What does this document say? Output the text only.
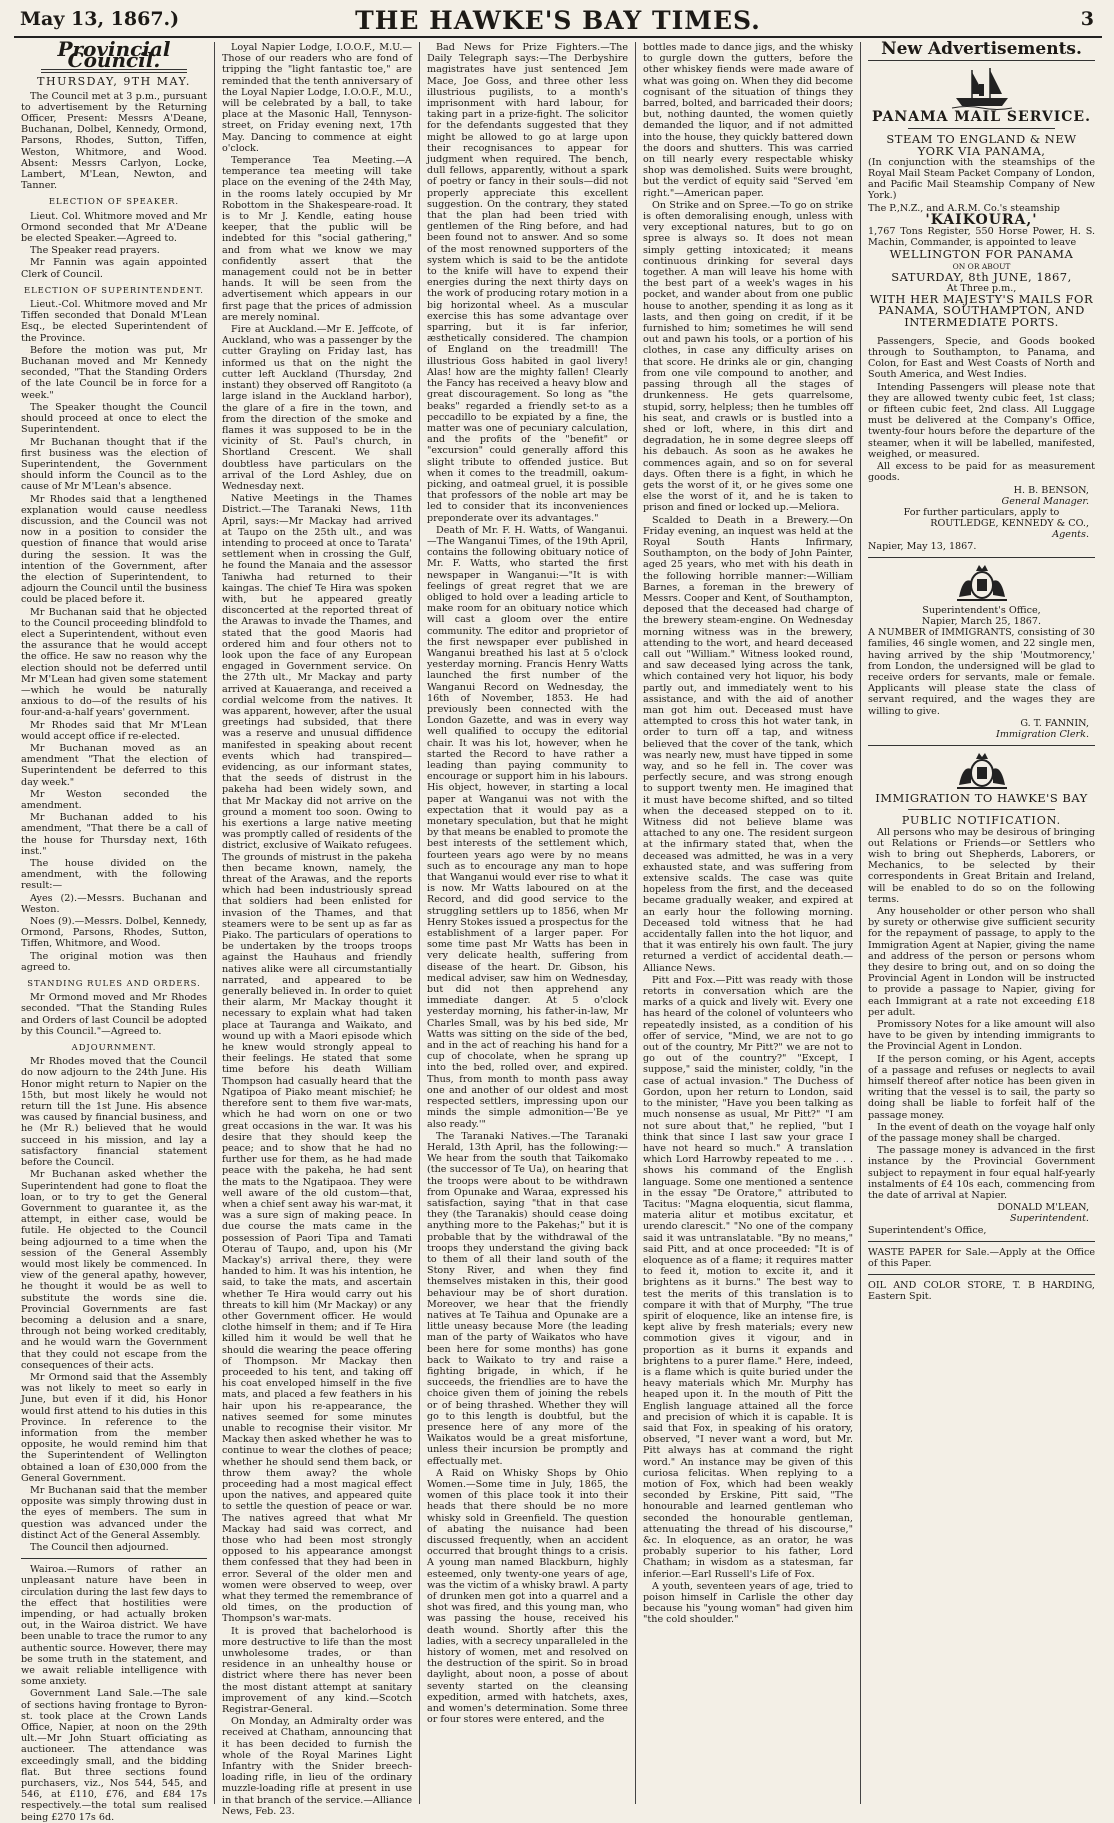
May 13, 1867.)	THE HAWKE'S BAY TIMES.	3
Provincial Council.
THURSDAY, 9TH MAY.

The Council met at 3 p.m., pursuant to advertisement by the Returning Officer, Present: Messrs A'Deane, Buchanan, Dolbel, Kennedy, Ormond, Parsons, Rhodes, Sutton, Tiffen, Weston, Whitmore, and Wood. Absent: Messrs Carlyon, Locke, Lambert, M'Lean, Newton, and Tanner.

ELECTION OF SPEAKER.

Lieut. Col. Whitmore moved and Mr Ormond seconded that Mr A'Deane be elected Speaker.—Agreed to.

The Speaker read prayers.

Mr Fannin was again appointed Clerk of Council.

ELECTION OF SUPERINTENDENT.

Lieut.-Col. Whitmore moved and Mr Tiffen seconded that Donald M'Lean Esq., be elected Superintendent of the Province.

Before the motion was put, Mr Buchanan moved and Mr Kennedy seconded, "That the Standing Orders of the late Council be in force for a week."

The Speaker thought the Council should proceed at once to elect the Superintendent.

Mr Buchanan thought that if the first business was the election of Superintendent, the Government should inform the Council as to the cause of Mr M'Lean's absence.

Mr Rhodes said that a lengthened explanation would cause needless discussion, and the Council was not now in a position to consider the question of finance that would arise during the session. It was the intention of the Government, after the election of Superintendent, to adjourn the Council until the business could be placed before it.

Mr Buchanan said that he objected to the Council proceeding blindfold to elect a Superintendent, without even the assurance that he would accept the office. He saw no reason why the election should not be deferred until Mr M'Lean had given some statement—which he would be naturally anxious to do—of the results of his four-and-a-half years' government.

Mr Rhodes said that Mr M'Lean would accept office if re-elected.

Mr Buchanan moved as an amendment "That the election of Superintendent be deferred to this day week."

Mr Weston seconded the amendment.

Mr Buchanan added to his amendment, "That there be a call of the house for Thursday next, 16th inst."

The house divided on the amendment, with the following result:—

Ayes (2).—Messrs. Buchanan and Weston.

Noes (9).—Messrs. Dolbel, Kennedy, Ormond, Parsons, Rhodes, Sutton, Tiffen, Whitmore, and Wood.

The original motion was then agreed to.

STANDING RULES AND ORDERS.

Mr Ormond moved and Mr Rhodes seconded. "That the Standing Rules and Orders of last Council be adopted by this Council."—Agreed to.

ADJOURNMENT.

Mr Rhodes moved that the Council do now adjourn to the 24th June. His Honor might return to Napier on the 15th, but most likely he would not return till the 1st June. His absence was caused by financial business, and he (Mr R.) believed that he would succeed in his mission, and lay a satisfactory financial statement before the Council.

Mr Buchanan asked whether the Superintendent had gone to float the loan, or to try to get the General Government to guarantee it, as the attempt, in either case, would be futile. He objected to the Council being adjourned to a time when the session of the General Assembly would most likely be commenced. In view of the general apathy, however, he thought it would be as well to substitute the words sine die. Provincial Governments are fast becoming a delusion and a snare, through not being worked creditably, and he would warn the Government that they could not escape from the consequences of their acts.

Mr Ormond said that the Assembly was not likely to meet so early in June, but even if it did, his Honor would first attend to his duties in this Province. In reference to the information from the member opposite, he would remind him that the Superintendent of Wellington obtained a loan of £30,000 from the General Government.

Mr Buchanan said that the member opposite was simply throwing dust in the eyes of members. The sum in question was advanced under the distinct Act of the General Assembly.

The Council then adjourned.

Wairoa.—Rumors of rather an unpleasant nature have been in circulation during the last few days to the effect that hostilities were impending, or had actually broken out, in the Wairoa district. We have been unable to trace the rumor to any authentic source. However, there may be some truth in the statement, and we await reliable intelligence with some anxiety.

Government Land Sale.—The sale of sections having frontage to Byron-st. took place at the Crown Lands Office, Napier, at noon on the 29th ult.—Mr John Stuart officiating as auctioneer. The attendance was exceedingly small, and the bidding flat. But three sections found purchasers, viz., Nos 544, 545, and 546, at £110, £76, and £84 17s respectively.—the total sum realised being £270 17s 6d.

Loyal Napier Lodge, I.O.O.F., M.U.—Those of our readers who are fond of tripping the "light fantastic toe," are reminded that the tenth anniversary of the Loyal Napier Lodge, I.O.O.F., M.U., will be celebrated by a ball, to take place at the Masonic Hall, Tennyson-street, on Friday evening next, 17th May. Dancing to commence at eight o'clock.

Temperance Tea Meeting.—A temperance tea meeting will take place on the evening of the 24th May, in the rooms lately occupied by Mr Robottom in the Shakespeare-road. It is to Mr J. Kendle, eating house keeper, that the public will be indebted for this "social gathering," and from what we know we may confidently assert that the management could not be in better hands. It will be seen from the advertisement which appears in our first page that the prices of admission are merely nominal.

Fire at Auckland.—Mr E. Jeffcote, of Auckland, who was a passenger by the cutter Grayling on Friday last, has informed us that on the night the cutter left Auckland (Thursday, 2nd instant) they observed off Rangitoto (a large island in the Auckland harbor), the glare of a fire in the town, and from the direction of the smoke and flames it was supposed to be in the vicinity of St. Paul's church, in Shortland Crescent. We shall doubtless have particulars on the arrival of the Lord Ashley, due on Wednesday next.

Native Meetings in the Thames District.—The Taranaki News, 11th April, says:—Mr Mackay had arrived at Taupo on the 25th ult., and was intending to proceed at once to Tarata' settlement when in crossing the Gulf, he found the Manaia and the assessor Taniwha had returned to their kaingas. The chief Te Hira was spoken with, but he appeared greatly disconcerted at the reported threat of the Arawas to invade the Thames, and stated that the good Maoris had ordered him and four others not to look upon the face of any European engaged in Government service. On the 27th ult., Mr Mackay and party arrived at Kauaeranga, and received a cordial welcome from the natives. It was apparent, however, after the usual greetings had subsided, that there was a reserve and unusual diffidence manifested in speaking about recent events which had transpired—evidencing, as our informant states, that the seeds of distrust in the pakeha had been widely sown, and that Mr Mackay did not arrive on the ground a moment too soon. Owing to his exertions a large native meeting was promptly called of residents of the district, exclusive of Waikato refugees. The grounds of mistrust in the pakeha then became known, namely, the threat of the Arawas, and the reports which had been industriously spread that soldiers had been enlisted for invasion of the Thames, and that steamers were to be sent up as far as Piako. The particulars of operations to be undertaken by the troops troops against the Hauhaus and friendly natives alike were all circumstantially narrated, and appeared to be generally believed in. In order to quiet their alarm, Mr Mackay thought it necessary to explain what had taken place at Tauranga and Waikato, and wound up with a Maori episode which he knew would strongly appeal to their feelings. He stated that some time before his death William Thompson had casually heard that the Ngatipoa of Piako meant mischief; he therefore sent to them five war-mats, which he had worn on one or two great occasions in the war. It was his desire that they should keep the peace; and to show that he had no further use for them, as he had made peace with the pakeha, he had sent the mats to the Ngatipaoa. They were well aware of the old custom—that, when a chief sent away his war-mat, it was a sure sign of making peace. In due course the mats came in the possession of Paori Tipa and Tamati Oterau of Taupo, and, upon his (Mr Mackay's) arrival there, they were handed to him. It was his intention, he said, to take the mats, and ascertain whether Te Hira would carry out his threats to kill him (Mr Mackay) or any other Government officer. He would clothe himself in them; and if Te Hira killed him it would be well that he should die wearing the peace offering of Thompson. Mr Mackay then proceeded to his tent, and taking off his coat enveloped himself in the five mats, and placed a few feathers in his hair upon his re-appearance, the natives seemed for some minutes unable to recognise their visitor. Mr Mackay then asked whether he was to continue to wear the clothes of peace; whether he should send them back, or throw them away? the whole proceeding had a most magical effect upon the natives, and appeared quite to settle the question of peace or war. The natives agreed that what Mr Mackay had said was correct, and those who had been most strongly opposed to his appearance amongst them confessed that they had been in error. Several of the older men and women were observed to weep, over what they termed the remembrance of old times, on the production of Thompson's war-mats.

It is proved that bachelorhood is more destructive to life than the most unwholesome trades, or than residence in an unhealthy house or district where there has never been the most distant attempt at sanitary improvement of any kind.—Scotch Registrar-General.

On Monday, an Admiralty order was received at Chatham, announcing that it has been decided to furnish the whole of the Royal Marines Light Infantry with the Snider breech-loading rifle, in lieu of the ordinary muzzle-loading rifle at present in use in that branch of the service.—Alliance News, Feb. 23.

Bad News for Prize Fighters.—The Daily Telegraph says:—The Derbyshire magistrates have just sentenced Jem Mace, Joe Goss, and three other less illustrious pugilists, to a month's imprisonment with hard labour, for taking part in a prize-fight. The solicitor for the defendants suggested that they might be allowed to go at large upon their recognisances to appear for judgment when required. The bench, dull fellows, apparently, without a spark of poetry or fancy in their souls—did not properly appreciate this excellent suggestion. On the contrary, they stated that the plan had been tried with gentlemen of the Ring before, and had been found not to answer. And so some of the most renowned supporters of the system which is said to be the antidote to the knife will have to expend their energies during the next thirty days on the work of producing rotary motion in a big horizontal wheel. As a muscular exercise this has some advantage over sparring, but it is far inferior, æsthetically considered. The champion of England on the treadmill! The illustrious Goss habited in gaol livery! Alas! how are the mighty fallen! Clearly the Fancy has received a heavy blow and great discouragement. So long as "the beaks" regarded a friendly set-to as a peccadillo to be expiated by a fine, the matter was one of pecuniary calculation, and the profits of the "benefit" or "excursion" could generally afford this slight tribute to offended justice. But when it comes to the treadmill, oakum-picking, and oatmeal gruel, it is possible that professors of the noble art may be led to consider that its inconveniences preponderate over its advantages."

Death of Mr. F. H. Watts, of Wanganui.—The Wanganui Times, of the 19th April, contains the following obituary notice of Mr. F. Watts, who started the first newspaper in Wanganui:—"It is with feelings of great regret that we are obliged to hold over a leading article to make room for an obituary notice which will cast a gloom over the entire community. The editor and proprietor of the first newspaper ever published in Wanganui breathed his last at 5 o'clock yesterday morning. Francis Henry Watts launched the first number of the Wanganui Record on Wednesday, the 16th of November, 1853. He had previously been connected with the London Gazette, and was in every way well qualified to occupy the editorial chair. It was his lot, however, when he started the Record to have rather a leading than paying community to encourage or support him in his labours. His object, however, in starting a local paper at Wanganui was not with the expectation that it would pay as a monetary speculation, but that he might by that means be enabled to promote the best interests of the settlement which, fourteen years ago were by no means such as to encourage any man to hope that Wanganui would ever rise to what it is now. Mr Watts laboured on at the Record, and did good service to the struggling settlers up to 1856, when Mr Henry Stokes issued a prospectus for the establishment of a larger paper. For some time past Mr Watts has been in very delicate health, suffering from disease of the heart. Dr. Gibson, his medical adviser, saw him on Wednesday, but did not then apprehend any immediate danger. At 5 o'clock yesterday morning, his father-in-law, Mr Charles Small, was by his bed side, Mr Watts was sitting on the side of the bed, and in the act of reaching his hand for a cup of chocolate, when he sprang up into the bed, rolled over, and expired. Thus, from month to month pass away one and another of our oldest and most respected settlers, impressing upon our minds the simple admonition—'Be ye also ready.'"

The Taranaki Natives.—The Taranaki Herald, 13th April, has the following:—We hear from the south that Taikomako (the successor of Te Ua), on hearing that the troops were about to be withdrawn from Opunake and Waraa, expressed his satisfaction, saying "that in that case they (the Taranakis) should cease doing anything more to the Pakehas;" but it is probable that by the withdrawal of the troops they understand the giving back to them of all their land south of the Stony River, and when they find themselves mistaken in this, their good behaviour may be of short duration. Moreover, we hear that the friendly natives at Te Taihua and Opunake are a little uneasy because More (the leading man of the party of Waikatos who have been here for some months) has gone back to Waikato to try and raise a fighting brigade, in which, if he succeeds, the friendlies are to have the choice given them of joining the rebels or of being thrashed. Whether they will go to this length is doubtful, but the presence here of any more of the Waikatos would be a great misfortune, unless their incursion be promptly and effectually met.

A Raid on Whisky Shops by Ohio Women.—Some time in July, 1865, the women of this place took it into their heads that there should be no more whisky sold in Greenfield. The question of abating the nuisance had been discussed frequently, when an accident occurred that brought things to a crisis. A young man named Blackburn, highly esteemed, only twenty-one years of age, was the victim of a whisky brawl. A party of drunken men got into a quarrel and a shot was fired, and this young man, who was passing the house, received his death wound. Shortly after this the ladies, with a secrecy unparalleled in the history of women, met and resolved on the destruction of the spirit. So in broad daylight, about noon, a posse of about seventy started on the cleansing expedition, armed with hatchets, axes, and women's determination. Some three or four stores were entered, and the

bottles made to dance jigs, and the whisky to gurgle down the gutters, before the other whiskey fiends were made aware of what was going on. When they did become cognisant of the situation of things they barred, bolted, and barricaded their doors; but, nothing daunted, the women quietly demanded the liquor, and if not admitted into the house, they quickly battered down the doors and shutters. This was carried on till nearly every respectable whisky shop was demolished. Suits were brought, but the verdict of equity said "Served 'em right."—American paper.

On Strike and on Spree.—To go on strike is often demoralising enough, unless with very exceptional natures, but to go on spree is always so. It does not mean simply getting intoxicated; it means continuous drinking for several days together. A man will leave his home with the best part of a week's wages in his pocket, and wander about from one public house to another, spending it as long as it lasts, and then going on credit, if it be furnished to him; sometimes he will send out and pawn his tools, or a portion of his clothes, in case any difficulty arises on that score. He drinks ale or gin, changing from one vile compound to another, and passing through all the stages of drunkenness. He gets quarrelsome, stupid, sorry, helpless; then he tumbles off his seat, and crawls or is bustled into a shed or loft, where, in this dirt and degradation, he in some degree sleeps off his debauch. As soon as he awakes he commences again, and so on for several days. Often there is a fight, in which he gets the worst of it, or he gives some one else the worst of it, and he is taken to prison and fined or locked up.—Meliora.

Scalded to Death in a Brewery.—On Friday evening, an inquest was held at the Royal South Hants Infirmary, Southampton, on the body of John Painter, aged 25 years, who met with his death in the following horrible manner:—William Barnes, a foreman in the brewery of Messrs. Cooper and Kent, of Southampton, deposed that the deceased had charge of the brewery steam-engine. On Wednesday morning witness was in the brewery, attending to the wort, and heard deceased call out "William." Witness looked round, and saw deceased lying across the tank, which contained very hot liquor, his body partly out, and immediately went to his assistance, and with the aid of another man got him out. Deceased must have attempted to cross this hot water tank, in order to turn off a tap, and witness believed that the cover of the tank, which was nearly new, must have tipped in some way, and so he fell in. The cover was perfectly secure, and was strong enough to support twenty men. He imagined that it must have become shifted, and so tilted when the deceased stepped on to it. Witness did not believe blame was attached to any one. The resident surgeon at the infirmary stated that, when the deceased was admitted, he was in a very exhausted state, and was suffering from extensive scalds. The case was quite hopeless from the first, and the deceased became gradually weaker, and expired at an early hour the following morning. Deceased told witness that he had accidentally fallen into the hot liquor, and that it was entirely his own fault. The jury returned a verdict of accidental death.—Alliance News.

Pitt and Fox.—Pitt was ready with those retorts in conversation which are the marks of a quick and lively wit. Every one has heard of the colonel of volunteers who repeatedly insisted, as a condition of his offer of service, "Mind, we are not to go out of the country, Mr Pitt?" we are not to go out of the country?" "Except, I suppose," said the minister, coldly, "in the case of actual invasion." The Duchess of Gordon, upon her return to London, said to the minister, "Have you been talking as much nonsense as usual, Mr Pitt?" "I am not sure about that," he replied, "but I think that since I last saw your grace I have not heard so much." A translation which Lord Harrowby repeated to me . . . shows his command of the English language. Some one mentioned a sentence in the essay "De Oratore," attributed to Tacitus: "Magna eloquentia, sicut flamma, materia alitur et motibus excitatur, et urendo clarescit." "No one of the company said it was untranslatable. "By no means," said Pitt, and at once proceeded: "It is of eloquence as of a flame; it requires matter to feed it, motion to excite it, and it brightens as it burns." The best way to test the merits of this translation is to compare it with that of Murphy, "The true spirit of eloquence, like an intense fire, is kept alive by fresh materials; every new commotion gives it vigour, and in proportion as it burns it expands and brightens to a purer flame." Here, indeed, is a flame which is quite buried under the heavy materials which Mr. Murphy has heaped upon it. In the mouth of Pitt the English language attained all the force and precision of which it is capable. It is said that Fox, in speaking of his oratory, observed, "I never want a word, but Mr. Pitt always has at command the right word." An instance may be given of this curiosa felicitas. When replying to a motion of Fox, which had been weakly seconded by Erskine, Pitt said, "The honourable and learned gentleman who seconded the honourable gentleman, attenuating the thread of his discourse," &c. In eloquence, as an orator, he was probably superior to his father, Lord Chatham; in wisdom as a statesman, far inferior.—Earl Russell's Life of Fox.

A youth, seventeen years of age, tried to poison himself in Carlisle the other day because his "young woman" had given him "the cold shoulder."

New Advertisements.
PANAMA MAIL SERVICE.
STEAM TO ENGLAND & NEW YORK VIA PANAMA,

(In conjunction with the steamships of the Royal Mail Steam Packet Company of London, and Pacific Mail Steamship Company of New York.)

The P.,N.Z., and A.R.M. Co.'s steamship

'KAIKOURA,'

1,767 Tons Register, 550 Horse Power, H. S. Machin, Commander, is appointed to leave

WELLINGTON FOR PANAMA
ON OR ABOUT
SATURDAY, 8th JUNE, 1867,
At Three p.m.,
WITH HER MAJESTY'S MAILS FOR PANAMA, SOUTHAMPTON, AND INTERMEDIATE PORTS.

Passengers, Specie, and Goods booked through to Southampton, to Panama, and Colon, for East and West Coasts of North and South America, and West Indies.

Intending Passengers will please note that they are allowed twenty cubic feet, 1st class; or fifteen cubic feet, 2nd class. All Luggage must be delivered at the Company's Office, twenty-four hours before the departure of the steamer, when it will be labelled, manifested, weighed, or measured.

All excess to be paid for as measurement goods.

H. B. BENSON,
General Manager.
For further particulars, apply to
ROUTLEDGE, KENNEDY & CO.,
Agents.

Napier, May 13, 1867.

Superintendent's Office,
Napier, March 25, 1867.

A NUMBER of IMMIGRANTS, consisting of 30 families, 46 single women, and 22 single men, having arrived by the ship 'Moutmorency,' from London, the undersigned will be glad to receive orders for servants, male or female. Applicants will please state the class of servant required, and the wages they are willing to give.

G. T. FANNIN,
Immigration Clerk.
IMMIGRATION TO HAWKE'S BAY
PUBLIC NOTIFICATION.

All persons who may be desirous of bringing out Relations or Friends—or Settlers who wish to bring out Shepherds, Laborers, or Mechanics, to be selected by their correspondents in Great Britain and Ireland, will be enabled to do so on the following terms.

Any householder or other person who shall by surety or otherwise give sufficient security for the repayment of passage, to apply to the Immigration Agent at Napier, giving the name and address of the person or persons whom they desire to bring out, and on so doing the Provincial Agent in London will be instructed to provide a passage to Napier, giving for each Immigrant at a rate not exceeding £18 per adult.

Promissory Notes for a like amount will also have to be given by intending immigrants to the Provincial Agent in London.

If the person coming, or his Agent, accepts of a passage and refuses or neglects to avail himself thereof after notice has been given in writing that the vessel is to sail, the party so doing shall be liable to forfeit half of the passage money.

In the event of death on the voyage half only of the passage money shall be charged.

The passage money is advanced in the first instance by the Provincial Government subject to repayment in four equal half-yearly instalments of £4 10s each, commencing from the date of arrival at Napier.

DONALD M'LEAN,
Superintendent.

Superintendent's Office,

WASTE PAPER for Sale.—Apply at the Office of this Paper.

OIL AND COLOR STORE, T. B HARDING, Eastern Spit.
